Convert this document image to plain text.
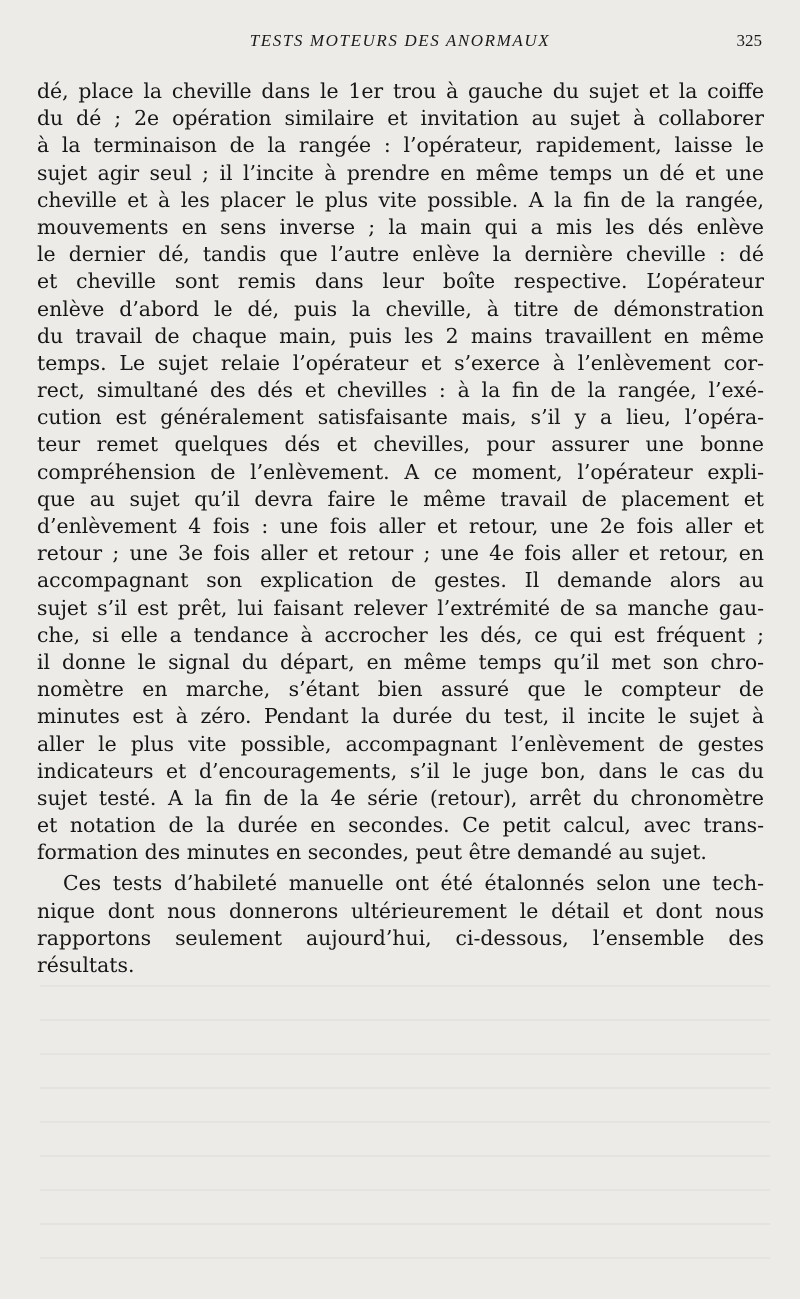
TESTS MOTEURS DES ANORMAUX	325
dé, place la cheville dans le 1er trou à gauche du sujet et la coiffe
du dé ; 2e opération similaire et invitation au sujet à collaborer
à la terminaison de la rangée : l’opérateur, rapidement, laisse le
sujet agir seul ; il l’incite à prendre en même temps un dé et une
cheville et à les placer le plus vite possible. A la fin de la rangée,
mouvements en sens inverse ; la main qui a mis les dés enlève
le dernier dé, tandis que l’autre enlève la dernière cheville : dé
et cheville sont remis dans leur boîte respective. L’opérateur
enlève d’abord le dé, puis la cheville, à titre de démonstration
du travail de chaque main, puis les 2 mains travaillent en même
temps. Le sujet relaie l’opérateur et s’exerce à l’enlèvement cor-
rect, simultané des dés et chevilles : à la fin de la rangée, l’exé-
cution est généralement satisfaisante mais, s’il y a lieu, l’opéra-
teur remet quelques dés et chevilles, pour assurer une bonne
compréhension de l’enlèvement. A ce moment, l’opérateur expli-
que au sujet qu’il devra faire le même travail de placement et
d’enlèvement 4 fois : une fois aller et retour, une 2e fois aller et
retour ; une 3e fois aller et retour ; une 4e fois aller et retour, en
accompagnant son explication de gestes. Il demande alors au
sujet s’il est prêt, lui faisant relever l’extrémité de sa manche gau-
che, si elle a tendance à accrocher les dés, ce qui est fréquent ;
il donne le signal du départ, en même temps qu’il met son chro-
nomètre en marche, s’étant bien assuré que le compteur de
minutes est à zéro. Pendant la durée du test, il incite le sujet à
aller le plus vite possible, accompagnant l’enlèvement de gestes
indicateurs et d’encouragements, s’il le juge bon, dans le cas du
sujet testé. A la fin de la 4e série (retour), arrêt du chronomètre
et notation de la durée en secondes. Ce petit calcul, avec trans-
formation des minutes en secondes, peut être demandé au sujet.
Ces tests d’habileté manuelle ont été étalonnés selon une tech-
nique dont nous donnerons ultérieurement le détail et dont nous
rapportons seulement aujourd’hui, ci-dessous, l’ensemble des
résultats.
